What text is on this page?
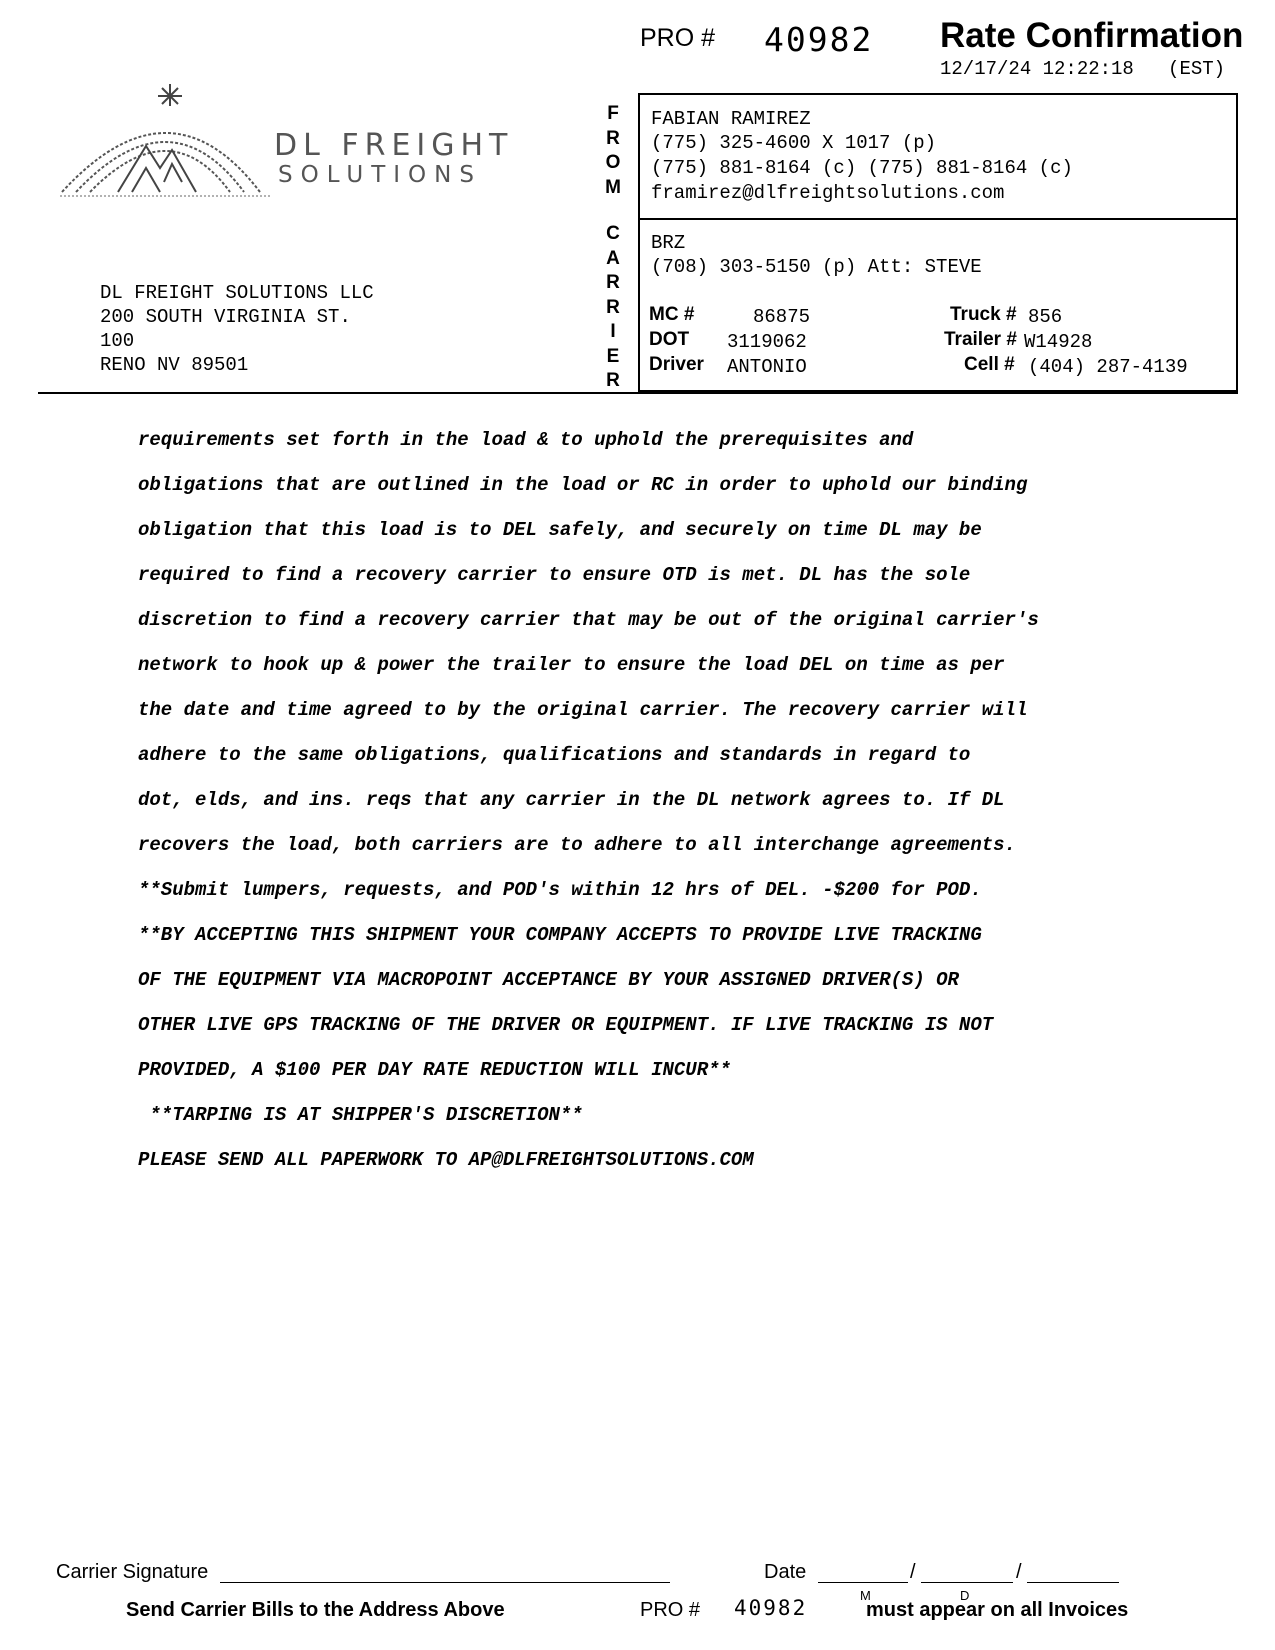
PRO # 40982 Rate Confirmation
12/17/24 12:22:18   (EST)
DL FREIGHT
SOLUTIONS
DL FREIGHT SOLUTIONS LLC
200 SOUTH VIRGINIA ST.
100
RENO NV 89501
F
R
O
M
C
A
R
R
I
E
R
FABIAN RAMIREZ
(775) 325-4600 X 1017 (p)
(775) 881-8164 (c) (775) 881-8164 (c)
framirez@dlfreightsolutions.com
BRZ
(708) 303-5150 (p) Att: STEVE
MC #	86875	Truck # 856
DOT 3119062	Trailer # W14928
Driver ANTONIO	Cell # (404) 287-4139

requirements set forth in the load & to uphold the prerequisites and

obligations that are outlined in the load or RC in order to uphold our binding

obligation that this load is to DEL safely, and securely on time DL may be

required to find a recovery carrier to ensure OTD is met. DL has the sole

discretion to find a recovery carrier that may be out of the original carrier's

network to hook up & power the trailer to ensure the load DEL on time as per

the date and time agreed to by the original carrier. The recovery carrier will

adhere to the same obligations, qualifications and standards in regard to

dot, elds, and ins. reqs that any carrier in the DL network agrees to. If DL

recovers the load, both carriers are to adhere to all interchange agreements.

**Submit lumpers, requests, and POD's within 12 hrs of DEL. -$200 for POD.

**BY ACCEPTING THIS SHIPMENT YOUR COMPANY ACCEPTS TO PROVIDE LIVE TRACKING

OF THE EQUIPMENT VIA MACROPOINT ACCEPTANCE BY YOUR ASSIGNED DRIVER(S) OR

OTHER LIVE GPS TRACKING OF THE DRIVER OR EQUIPMENT. IF LIVE TRACKING IS NOT

PROVIDED, A $100 PER DAY RATE REDUCTION WILL INCUR**

**TARPING IS AT SHIPPER'S DISCRETION**

PLEASE SEND ALL PAPERWORK TO AP@DLFREIGHTSOLUTIONS.COM

Carrier Signature	Date	/	/
M	D
Send Carrier Bills to the Address Above	PRO # 40982	must appear on all Invoices
